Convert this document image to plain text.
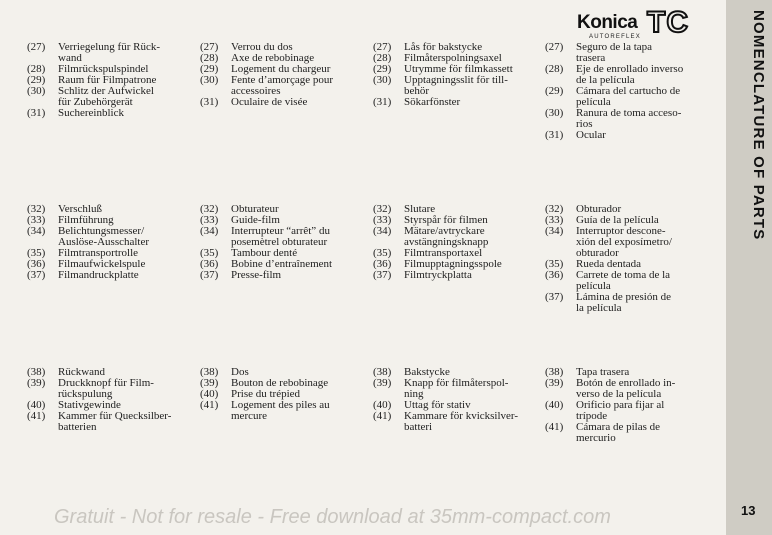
NOMENCLATURE OF PARTS
Konica
AUTOREFLEX TC
(27)	Verriegelung für Rück-
wand
(28)	Filmrückspulspindel
(29)	Raum für Filmpatrone
(30)	Schlitz der Aufwickel
für Zubehörgerät
(31)	Suchereinblick
(32)	Verschluß
(33)	Filmführung
(34)	Belichtungsmesser/
Auslöse-Ausschalter
(35)	Filmtransportrolle
(36)	Filmaufwickelspule
(37)	Filmandruckplatte
(38)	Rückwand
(39)	Druckknopf für Film-
rückspulung
(40)	Stativgewinde
(41)	Kammer für Quecksilber-
batterien
(27)	Verrou du dos
(28)	Axe de rebobinage
(29)	Logement du chargeur
(30)	Fente d’amorçage pour
accessoires
(31)	Oculaire de visée
(32)	Obturateur
(33)	Guide-film
(34)	Interrupteur “arrêt” du
posemètrel obturateur
(35)	Tambour denté
(36)	Bobine d’entraînement
(37)	Presse-film
(38)	Dos
(39)	Bouton de rebobinage
(40)	Prise du trépied
(41)	Logement des piles au
mercure
(27)	Lås för bakstycke
(28)	Filmåterspolningsaxel
(29)	Utrymme för filmkassett
(30)	Upptagningsslit för till-
behör
(31)	Sökarfönster
(32)	Slutare
(33)	Styrspår för filmen
(34)	Mätare/avtryckare
avstängningsknapp
(35)	Filmtransportaxel
(36)	Filmupptagningsspole
(37)	Filmtryckplatta
(38)	Bakstycke
(39)	Knapp för filmåterspol-
ning
(40)	Uttag för stativ
(41)	Kammare för kvicksilver-
batteri
(27)	Seguro de la tapa
trasera
(28)	Eje de enrollado inverso
de la película
(29)	Cámara del cartucho de
película
(30)	Ranura de toma acceso-
rios
(31)	Ocular
(32)	Obturador
(33)	Guía de la película
(34)	Interruptor descone-
xión del exposímetro/
obturador
(35)	Rueda dentada
(36)	Carrete de toma de la
película
(37)	Lámina de presión de
la película
(38)	Tapa trasera
(39)	Botón de enrollado in-
verso de la película
(40)	Orificio para fijar al
trípode
(41)	Cámara de pilas de
mercurio
13
Gratuit - Not for resale - Free download at 35mm-compact.com
